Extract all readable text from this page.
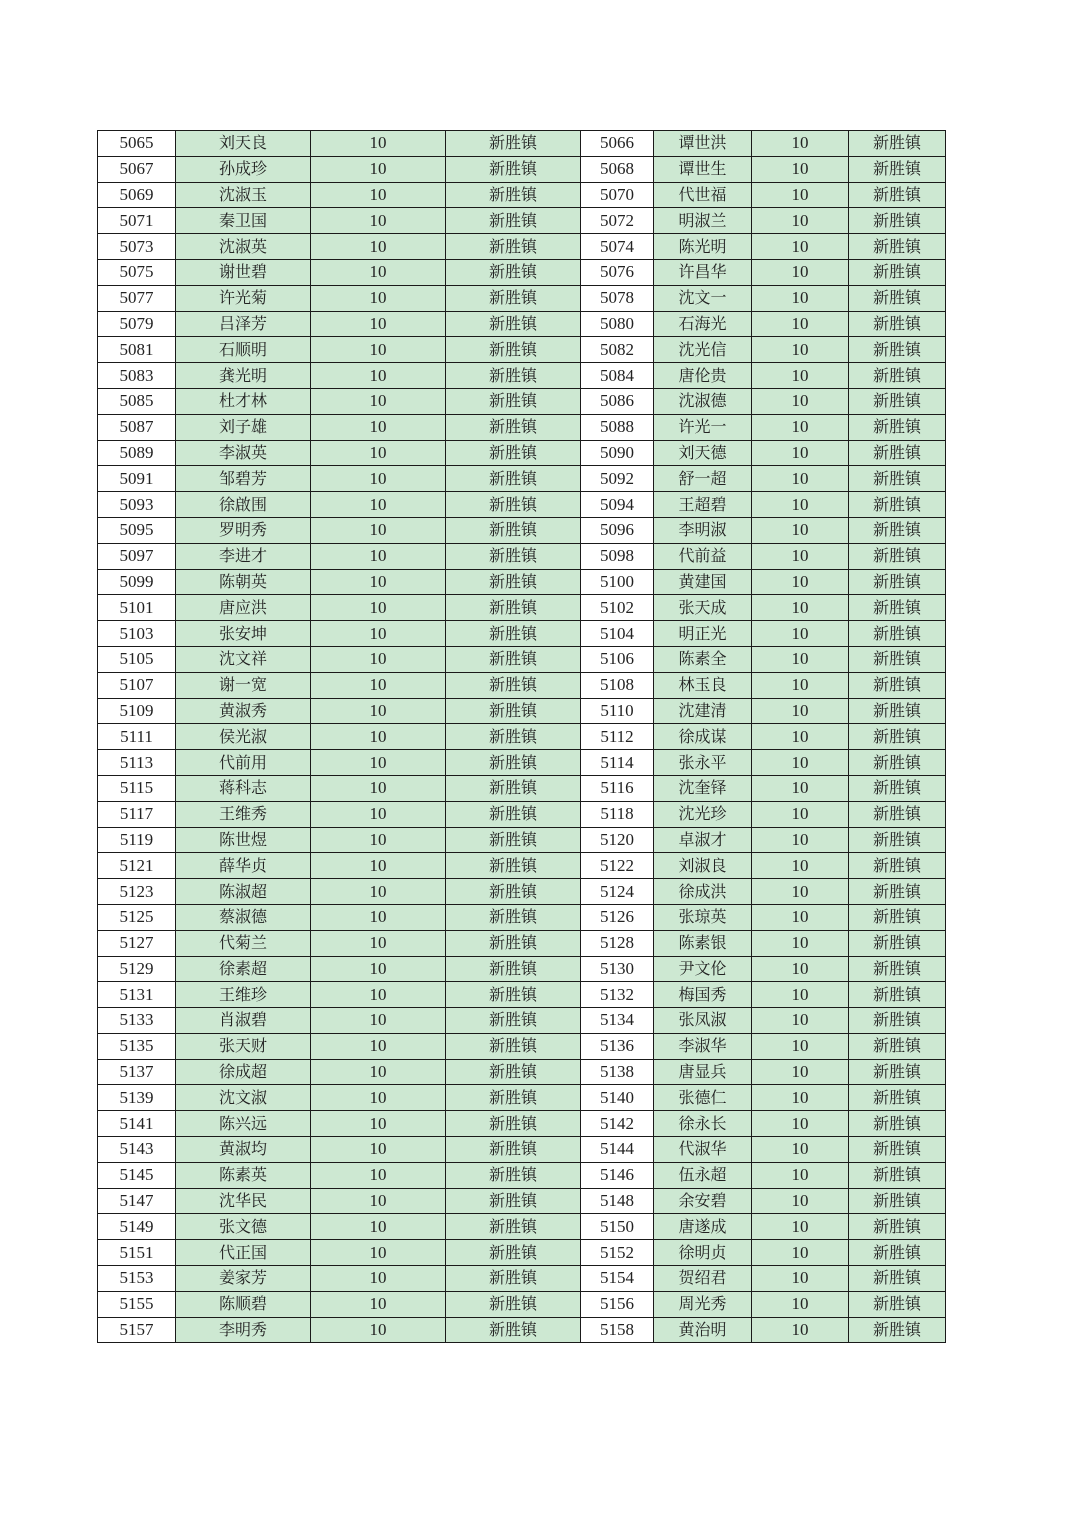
5065	刘天良	10	新胜镇	5066	谭世洪	10	新胜镇
5067	孙成珍	10	新胜镇	5068	谭世生	10	新胜镇
5069	沈淑玉	10	新胜镇	5070	代世福	10	新胜镇
5071	秦卫国	10	新胜镇	5072	明淑兰	10	新胜镇
5073	沈淑英	10	新胜镇	5074	陈光明	10	新胜镇
5075	谢世碧	10	新胜镇	5076	许昌华	10	新胜镇
5077	许光菊	10	新胜镇	5078	沈文一	10	新胜镇
5079	吕泽芳	10	新胜镇	5080	石海光	10	新胜镇
5081	石顺明	10	新胜镇	5082	沈光信	10	新胜镇
5083	龚光明	10	新胜镇	5084	唐伦贵	10	新胜镇
5085	杜才林	10	新胜镇	5086	沈淑德	10	新胜镇
5087	刘子雄	10	新胜镇	5088	许光一	10	新胜镇
5089	李淑英	10	新胜镇	5090	刘天德	10	新胜镇
5091	邹碧芳	10	新胜镇	5092	舒一超	10	新胜镇
5093	徐啟围	10	新胜镇	5094	王超碧	10	新胜镇
5095	罗明秀	10	新胜镇	5096	李明淑	10	新胜镇
5097	李进才	10	新胜镇	5098	代前益	10	新胜镇
5099	陈朝英	10	新胜镇	5100	黄建国	10	新胜镇
5101	唐应洪	10	新胜镇	5102	张天成	10	新胜镇
5103	张安坤	10	新胜镇	5104	明正光	10	新胜镇
5105	沈文祥	10	新胜镇	5106	陈素全	10	新胜镇
5107	谢一宽	10	新胜镇	5108	林玉良	10	新胜镇
5109	黄淑秀	10	新胜镇	5110	沈建清	10	新胜镇
5111	侯光淑	10	新胜镇	5112	徐成谋	10	新胜镇
5113	代前用	10	新胜镇	5114	张永平	10	新胜镇
5115	蒋科志	10	新胜镇	5116	沈奎铎	10	新胜镇
5117	王维秀	10	新胜镇	5118	沈光珍	10	新胜镇
5119	陈世煜	10	新胜镇	5120	卓淑才	10	新胜镇
5121	薛华贞	10	新胜镇	5122	刘淑良	10	新胜镇
5123	陈淑超	10	新胜镇	5124	徐成洪	10	新胜镇
5125	蔡淑德	10	新胜镇	5126	张琼英	10	新胜镇
5127	代菊兰	10	新胜镇	5128	陈素银	10	新胜镇
5129	徐素超	10	新胜镇	5130	尹文伦	10	新胜镇
5131	王维珍	10	新胜镇	5132	梅国秀	10	新胜镇
5133	肖淑碧	10	新胜镇	5134	张凤淑	10	新胜镇
5135	张天财	10	新胜镇	5136	李淑华	10	新胜镇
5137	徐成超	10	新胜镇	5138	唐显兵	10	新胜镇
5139	沈文淑	10	新胜镇	5140	张德仁	10	新胜镇
5141	陈兴远	10	新胜镇	5142	徐永长	10	新胜镇
5143	黄淑均	10	新胜镇	5144	代淑华	10	新胜镇
5145	陈素英	10	新胜镇	5146	伍永超	10	新胜镇
5147	沈华民	10	新胜镇	5148	余安碧	10	新胜镇
5149	张文德	10	新胜镇	5150	唐遂成	10	新胜镇
5151	代正国	10	新胜镇	5152	徐明贞	10	新胜镇
5153	姜家芳	10	新胜镇	5154	贺绍君	10	新胜镇
5155	陈顺碧	10	新胜镇	5156	周光秀	10	新胜镇
5157	李明秀	10	新胜镇	5158	黄治明	10	新胜镇
